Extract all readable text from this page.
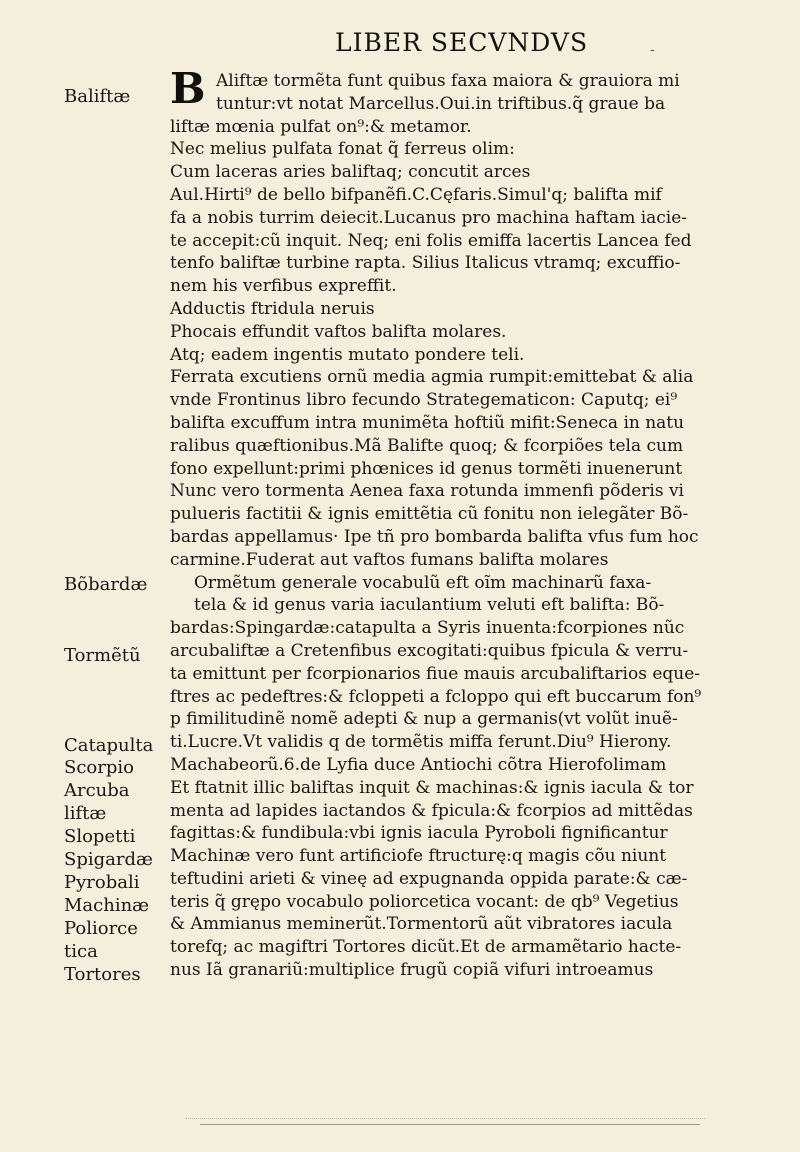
LIBER SECVNDVS	-
Baliftæ
Bõbardæ
Tormẽtũ
Catapulta
Scorpio
Arcuba
liftæ
Slopetti
Spigardæ
Pyrobali
Machinæ
Poliorce
tica
Tortores
B Aliftæ tormẽta funt quibus faxa maiora & grauiora mi
tuntur:vt notat Marcellus.Oui.in triftibus.q̃ graue ba
liftæ mœnia pulfat on⁹:& metamor.
Nec melius pulfata fonat q̃ ferreus olim:
Cum laceras aries baliftaq; concutit arces
Aul.Hirti⁹ de bello bifpanẽfi.C.Cęfaris.Simul'q; balifta mif
fa a nobis turrim deiecit.Lucanus pro machina haftam iacie-
te accepit:cũ inquit. Neq; eni folis emiffa lacertis Lancea fed
tenfo baliftæ turbine rapta. Silius Italicus vtramq; excuffio-
nem his verfibus expreffit.
Adductis ftridula neruis
Phocais effundit vaftos balifta molares.
Atq; eadem ingentis mutato pondere teli.
Ferrata excutiens ornũ media agmia rumpit:emittebat & alia
vnde Frontinus libro fecundo Strategematicon: Caputq; ei⁹
balifta excuffum intra munimẽta hoftiũ mifit:Seneca in natu
ralibus quæftionibus.Mã Balifte quoq; & fcorpiões tela cum
fono expellunt:primi phœnices id genus tormẽti inuenerunt
Nunc vero tormenta Aenea faxa rotunda immenfi põderis vi
pulueris factitii & ignis emittẽtia cũ fonitu non ielegãter Bõ-
bardas appellamus· Ipe tñ pro bombarda balifta vfus fum hoc
carmine.Fuderat aut vaftos fumans balifta molares
Ormẽtum generale vocabulũ eft oĩm machinarũ faxa-
tela & id genus varia iaculantium veluti eft balifta: Bõ-
bardas:Spingardæ:catapulta a Syris inuenta:fcorpiones nũc
arcubaliftæ a Cretenfibus excogitati:quibus fpicula & verru-
ta emittunt per fcorpionarios fiue mauis arcubaliftarios eque-
ftres ac pedeftres:& fcloppeti a fcloppo qui eft buccarum fon⁹
p fimilitudinẽ nomẽ adepti & nup a germanis(vt volũt inuẽ-
ti.Lucre.Vt validis q de tormẽtis miffa ferunt.Diu⁹ Hierony.
Machabeorũ.6.de Lyfia duce Antiochi cõtra Hierofolimam
Et ftatnit illic baliftas inquit & machinas:& ignis iacula & tor
menta ad lapides iactandos & fpicula:& fcorpios ad mittẽdas
fagittas:& fundibula:vbi ignis iacula Pyroboli fignificantur
Machinæ vero funt artificiofe ftructurę:q magis cõu niunt
teftudini arieti & vineę ad expugnanda oppida parate:& cæ-
teris q̃ grępo vocabulo poliorcetica vocant: de qb⁹ Vegetius
& Ammianus meminerũt.Tormentorũ aũt vibratores iacula
torefq; ac magiftri Tortores dicũt.Et de armamẽtario hacte-
nus Iã granariũ:multiplice frugũ copiã vifuri introeamus
